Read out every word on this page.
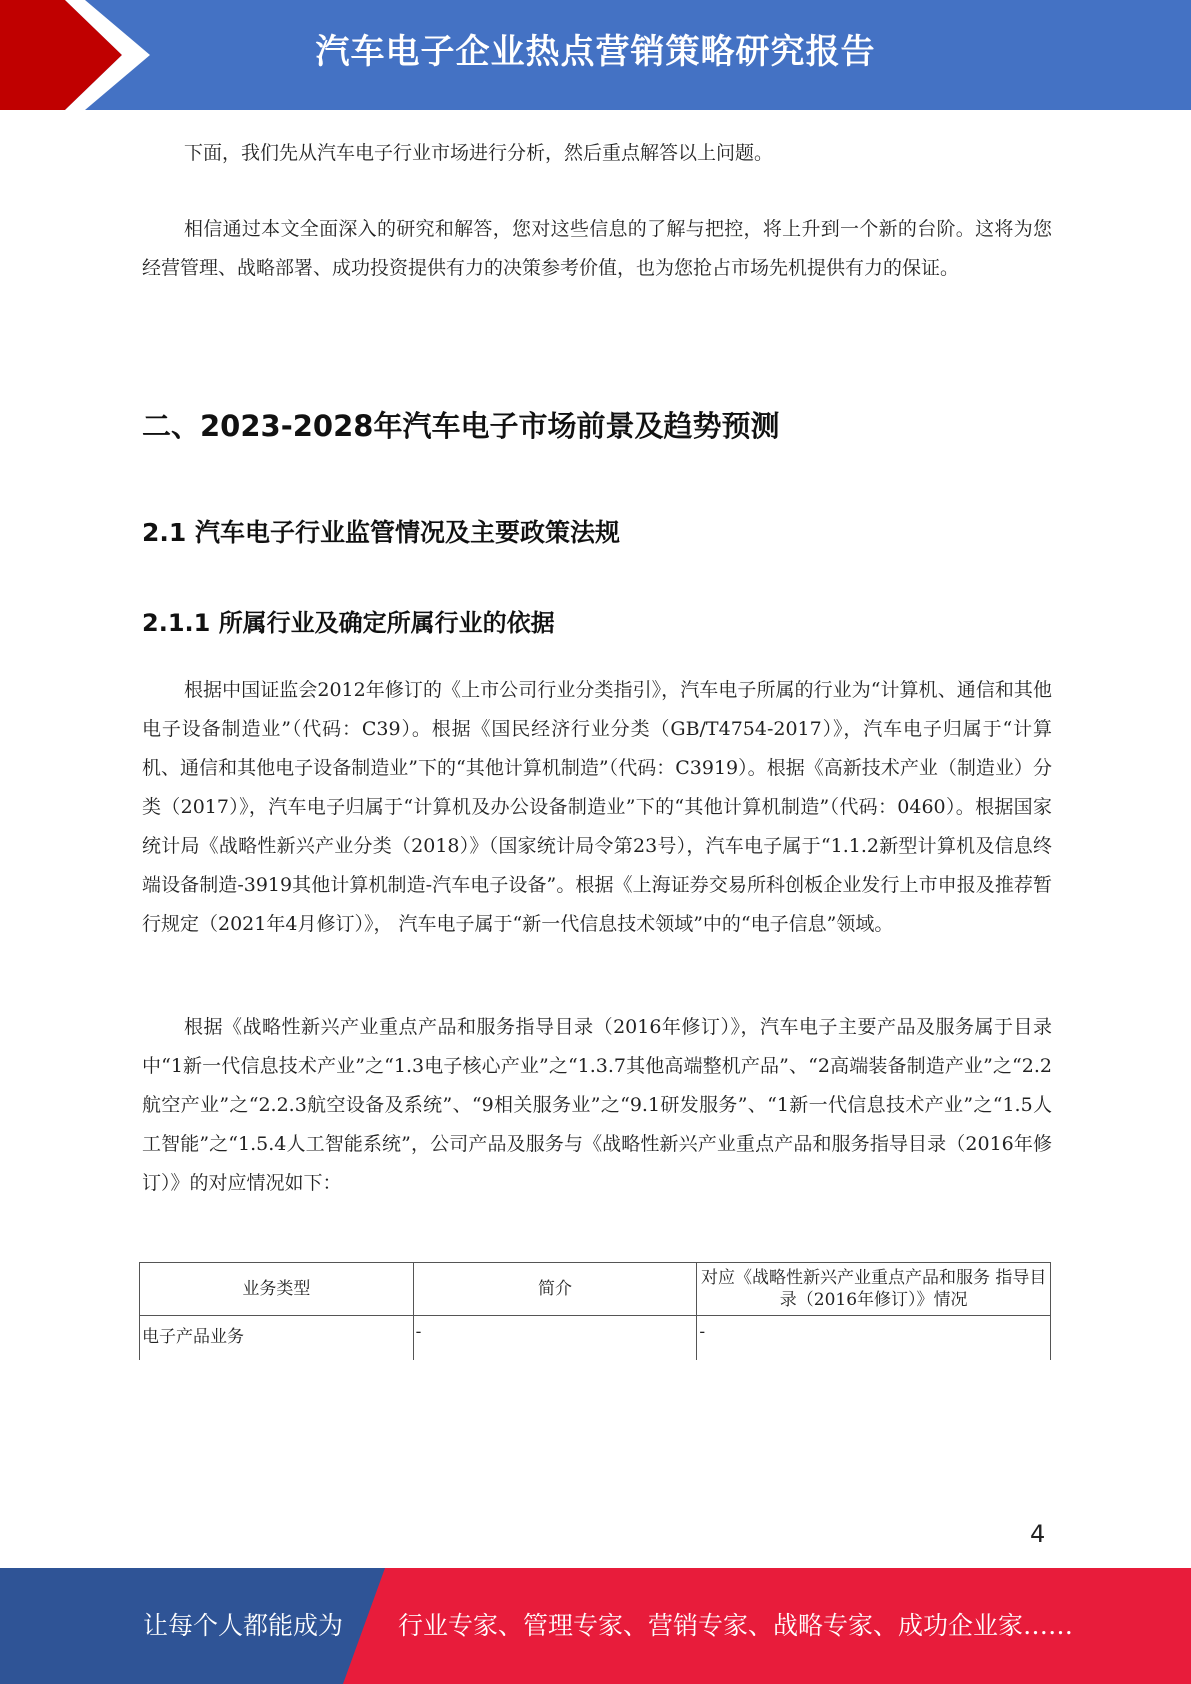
汽车电子企业热点营销策略研究报告

下面，我们先从汽车电子行业市场进行分析，然后重点解答以上问题。

相信通过本文全面深入的研究和解答，您对这些信息的了解与把控，将上升到一个新的台阶。这将为您经营管理、战略部署、成功投资提供有力的决策参考价值，也为您抢占市场先机提供有力的保证。

二、2023-2028年汽车电子市场前景及趋势预测
2.1 汽车电子行业监管情况及主要政策法规
2.1.1 所属行业及确定所属行业的依据

根据中国证监会2012年修订的《上市公司行业分类指引》，汽车电子所属的行业为“计算机、通信和其他电子设备制造业”（代码：C39）。根据《国民经济行业分类（GB/T4754-2017）》，汽车电子归属于“计算机、通信和其他电子设备制造业”下的“其他计算机制造”（代码：C3919）。根据《高新技术产业（制造业）分类（2017）》，汽车电子归属于“计算机及办公设备制造业”下的“其他计算机制造”（代码：0460）。根据国家统计局《战略性新兴产业分类（2018）》（国家统计局令第23号），汽车电子属于“1.1.2新型计算机及信息终端设备制造-3919其他计算机制造-汽车电子设备”。根据《上海证券交易所科创板企业发行上市申报及推荐暂行规定（2021年4月修订）》， 汽车电子属于“新一代信息技术领域”中的“电子信息”领域。

根据《战略性新兴产业重点产品和服务指导目录（2016年修订）》，汽车电子主要产品及服务属于目录中“1新一代信息技术产业”之“1.3电子核心产业”之“1.3.7其他高端整机产品”、“2高端装备制造产业”之“2.2航空产业”之“2.2.3航空设备及系统”、“9相关服务业”之“9.1研发服务”、“1新一代信息技术产业”之“1.5人工智能”之“1.5.4人工智能系统”，公司产品及服务与《战略性新兴产业重点产品和服务指导目录（2016年修订）》的对应情况如下：

业务类型	简介	对应《战略性新兴产业重点产品和服务 指导目录（2016年修订）》情况
电子产品业务	-	-
4
让每个人都能成为 行业专家、管理专家、营销专家、战略专家、成功企业家……
